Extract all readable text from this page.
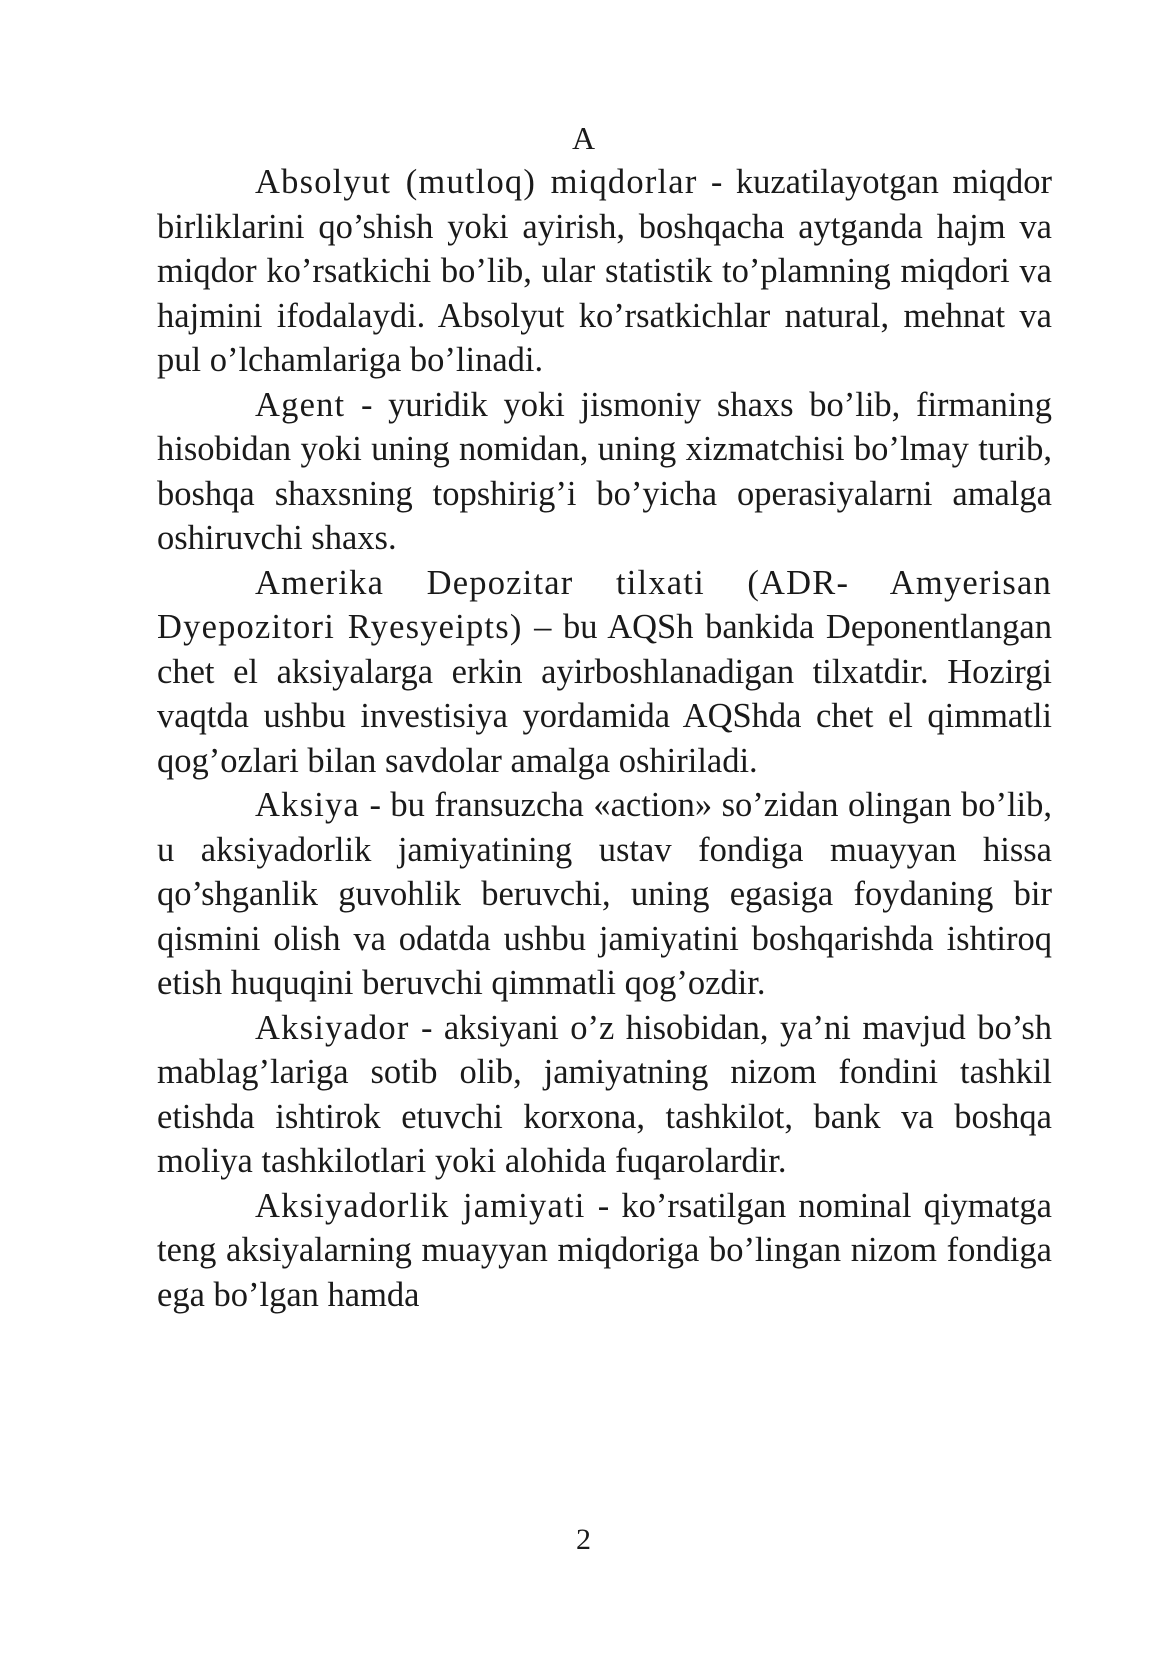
A

Absolyut (mutloq) miqdorlar - kuzatilayotgan miqdor birliklarini qo’shish yoki ayirish, boshqacha aytganda hajm va miqdor ko’rsatkichi bo’lib, ular statistik to’plamning miqdori va hajmini ifodalaydi. Absolyut ko’rsatkichlar natural, mehnat va pul o’lchamlariga bo’linadi.

Agent - yuridik yoki jismoniy shaxs bo’lib, firmaning hisobidan yoki uning nomidan, uning xizmatchisi bo’lmay turib, boshqa shaxsning topshirig’i bo’yicha operasiyalarni amalga oshiruvchi shaxs.

Amerika Depozitar tilxati (ADR- Amyerisan Dyepozitori Ryesyeipts) – bu AQSh bankida Deponentlangan chet el aksiyalarga erkin ayirboshlanadigan tilxatdir. Hozirgi vaqtda ushbu investisiya yordamida AQShda chet el qimmatli qog’ozlari bilan savdolar amalga oshiriladi.

Aksiya - bu fransuzcha «action» so’zidan olingan bo’lib, u aksiyadorlik jamiyatining ustav fondiga muayyan hissa qo’shganlik guvohlik beruvchi, uning egasiga foydaning bir qismini olish va odatda ushbu jamiyatini boshqarishda ishtiroq etish huquqini beruvchi qimmatli qog’ozdir.

Aksiyador - aksiyani o’z hisobidan, ya’ni mavjud bo’sh mablag’lariga sotib olib, jamiyatning nizom fondini tashkil etishda ishtirok etuvchi korxona, tashkilot, bank va boshqa moliya tashkilotlari yoki alohida fuqarolardir.

Aksiyadorlik jamiyati - ko’rsatilgan nominal qiymatga teng aksiyalarning muayyan miqdoriga bo’lingan nizom fondiga ega bo’lgan hamda

2
